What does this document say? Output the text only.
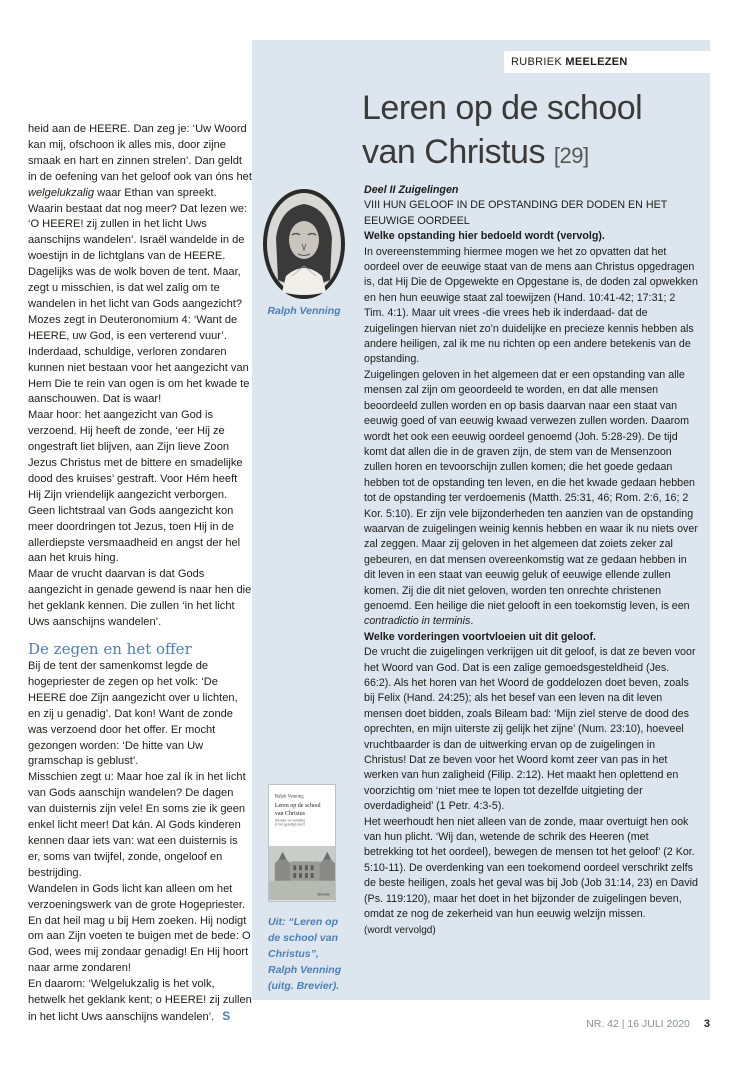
heid aan de HEERE. Dan zeg je: ‘Uw Woord kan mij, ofschoon ik alles mis, door zijne smaak en hart en zinnen strelen’. Dan geldt in de oefening van het geloof ook van óns het welgelukzalig waar Ethan van spreekt. Waarin bestaat dat nog meer? Dat lezen we: ‘O HEERE! zij zullen in het licht Uws aanschijns wandelen’. Israël wandelde in de woestijn in de lichtglans van de HEERE. Dagelijks was de wolk boven de tent. Maar, zegt u misschien, is dat wel zalig om te wandelen in het licht van Gods aangezicht? Mozes zegt in Deuteronomium 4: ‘Want de HEERE, uw God, is een verterend vuur’.

Inderdaad, schuldige, verloren zondaren kunnen niet bestaan voor het aangezicht van Hem Die te rein van ogen is om het kwade te aanschouwen. Dat is waar!

Maar hoor: het aangezicht van God is verzoend. Hij heeft de zonde, ‘eer Hij ze ongestraft liet blijven, aan Zijn lieve Zoon Jezus Christus met de bittere en smadelijke dood des kruises’ gestraft. Voor Hém heeft Hij Zijn vriendelijk aangezicht verborgen. Geen lichtstraal van Gods aangezicht kon meer doordringen tot Jezus, toen Hij in de allerdiepste versmaadheid en angst der hel aan het kruis hing.

Maar de vrucht daarvan is dat Gods aangezicht in genade gewend is naar hen die het geklank kennen. Die zullen ‘in het licht Uws aanschijns wandelen’.

De zegen en het offer

Bij de tent der samenkomst legde de hogepriester de zegen op het volk: ‘De HEERE doe Zijn aangezicht over u lichten, en zij u genadig’. Dat kon! Want de zonde was verzoend door het offer. Er mocht gezongen worden: ‘De hitte van Uw gramschap is geblust’.

Misschien zegt u: Maar hoe zal ík in het licht van Gods aanschijn wandelen? De dagen van duisternis zijn vele! En soms zie ik geen enkel licht meer! Dat kán. Al Gods kinderen kennen daar iets van: wat een duisternis is er, soms van twijfel, zonde, ongeloof en bestrijding.

Wandelen in Gods licht kan alleen om het verzoeningswerk van de grote Hogepriester. En dat heil mag u bij Hem zoeken. Hij nodigt om aan Zijn voeten te buigen met de bede: O God, wees mij zondaar genadig! En Hij hoort naar arme zondaren!

En daarom: ‘Welgelukzalig is het volk, hetwelk het geklank kent; o HEERE! zij zullen in het licht Uws aanschijns wandelen’. S

RUBRIEK MEELEZEN
Leren op de school van Christus [29]
Ralph Venning
Ralph Venning
Leren op de school
van Christus
Stenden en vertaling
in het gezelligh leest
Brevier
Uit: “Leren op de school van Christus”, Ralph Venning (uitg. Brevier).

Deel II Zuigelingen

VIII HUN GELOOF IN DE OPSTANDING DER DODEN EN HET EEUWIGE OORDEEL

Welke opstanding hier bedoeld wordt (vervolg).

In overeenstemming hiermee mogen we het zo opvatten dat het oordeel over de eeuwige staat van de mens aan Christus opgedragen is, dat Hij Die de Opgewekte en Opgestane is, de doden zal opwekken en hen hun eeuwige staat zal toewijzen (Hand. 10:41-42; 17:31; 2 Tim. 4:1). Maar uit vrees -die vrees heb ik inderdaad- dat de zuigelingen hiervan niet zo’n duidelijke en precieze kennis hebben als andere heiligen, zal ik me nu richten op een andere betekenis van de opstanding.

Zuigelingen geloven in het algemeen dat er een opstanding van alle mensen zal zijn om geoordeeld te worden, en dat alle mensen beoordeeld zullen worden en op basis daarvan naar een staat van eeuwig goed of van eeuwig kwaad verwezen zullen worden. Daarom wordt het ook een eeuwig oordeel genoemd (Joh. 5:28-29). De tijd komt dat allen die in de graven zijn, de stem van de Mensenzoon zullen horen en tevoorschijn zullen komen; die het goede gedaan hebben tot de opstanding ten leven, en die het kwade gedaan hebben tot de opstanding ter verdoemenis (Matth. 25:31, 46; Rom. 2:6, 16; 2 Kor. 5:10). Er zijn vele bijzonderheden ten aanzien van de opstanding waarvan de zuigelingen weinig kennis hebben en waar ik nu niets over zal zeggen. Maar zij geloven in het algemeen dat zoiets zeker zal gebeuren, en dat mensen overeenkomstig wat ze gedaan hebben in dit leven in een staat van eeuwig geluk of eeuwige ellende zullen komen. Zij die dit niet geloven, worden ten onrechte christenen genoemd. Een heilige die niet gelooft in een toekomstig leven, is een contradictio in terminis.

Welke vorderingen voortvloeien uit dit geloof.

De vrucht die zuigelingen verkrijgen uit dit geloof, is dat ze beven voor het Woord van God. Dat is een zalige gemoedsgesteldheid (Jes. 66:2). Als het horen van het Woord de goddelozen doet beven, zoals bij Felix (Hand. 24:25); als het besef van een leven na dit leven mensen doet bidden, zoals Bileam bad: ‘Mijn ziel sterve de dood des oprechten, en mijn uiterste zij gelijk het zijne’ (Num. 23:10), hoeveel vruchtbaarder is dan de uitwerking ervan op de zuigelingen in Christus! Dat ze beven voor het Woord komt zeer van pas in het werken van hun zaligheid (Filip. 2:12). Het maakt hen oplettend en voorzichtig om ‘niet mee te lopen tot dezelfde uitgieting der overdadigheid’ (1 Petr. 4:3-5).

Het weerhoudt hen niet alleen van de zonde, maar overtuigt hen ook van hun plicht. ‘Wij dan, wetende de schrik des Heeren (met betrekking tot het oordeel), bewegen de mensen tot het geloof’ (2 Kor. 5:10-11). De overdenking van een toekomend oordeel verschrikt zelfs de beste heiligen, zoals het geval was bij Job (Job 31:14, 23) en David (Ps. 119:120), maar het doet in het bijzonder de zuigelingen beven, omdat ze nog de zekerheid van hun eeuwig welzijn missen.

(wordt vervolgd)

NR. 42 | 16 JULI 2020 3
